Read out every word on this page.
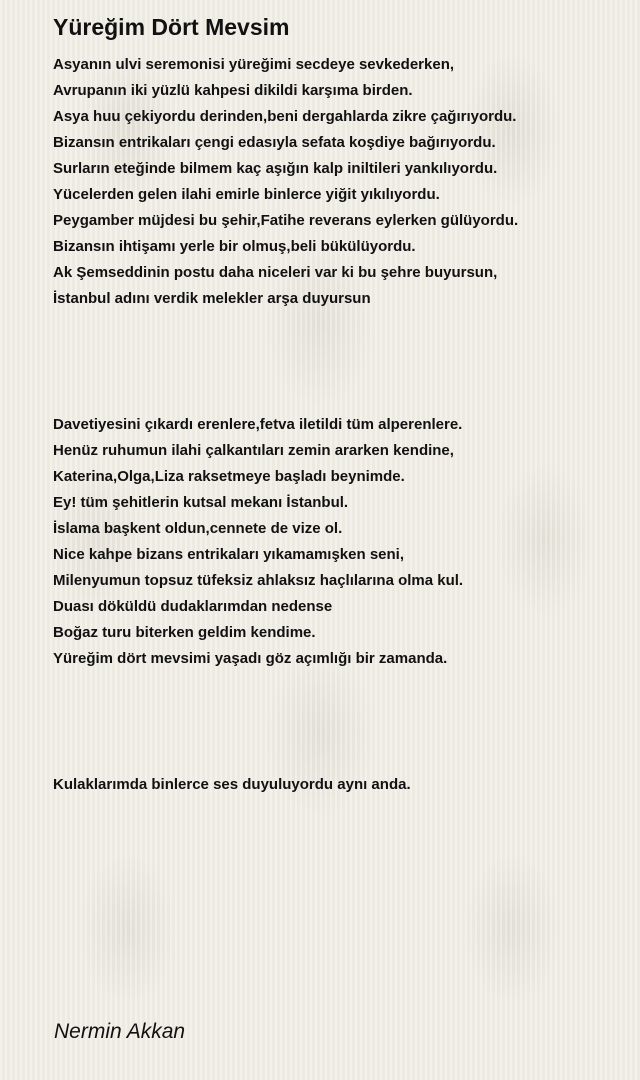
Yüreğim Dört Mevsim
Asyanın ulvi seremonisi yüreğimi secdeye sevkederken,
Avrupanın iki yüzlü kahpesi dikildi karşıma birden.
Asya huu çekiyordu derinden,beni dergahlarda zikre çağırıyordu.
Bizansın entrikaları çengi edasıyla sefata koşdiye bağırıyordu.
Surların eteğinde bilmem kaç aşığın kalp iniltileri yankılıyordu.
Yücelerden gelen ilahi emirle binlerce yiğit yıkılıyordu.
Peygamber müjdesi bu şehir,Fatihe reverans eylerken gülüyordu.
Bizansın ihtişamı yerle bir olmuş,beli bükülüyordu.
Ak Şemseddinin postu daha niceleri var ki bu şehre buyursun,
İstanbul adını verdik melekler arşa duyursun
Davetiyesini çıkardı erenlere,fetva iletildi tüm alperenlere.
Henüz ruhumun ilahi çalkantıları zemin ararken kendine,
Katerina,Olga,Liza raksetmeye başladı beynimde.
Ey! tüm şehitlerin kutsal mekanı İstanbul.
İslama başkent oldun,cennete de vize ol.
Nice kahpe bizans entrikaları yıkamamışken seni,
Milenyumun topsuz tüfeksiz ahlaksız haçlılarına olma kul.
Duası döküldü dudaklarımdan nedense
Boğaz turu biterken geldim kendime.
Yüreğim dört mevsimi yaşadı göz açımlığı bir zamanda.
Kulaklarımda binlerce ses duyuluyordu aynı anda.
Nermin Akkan
